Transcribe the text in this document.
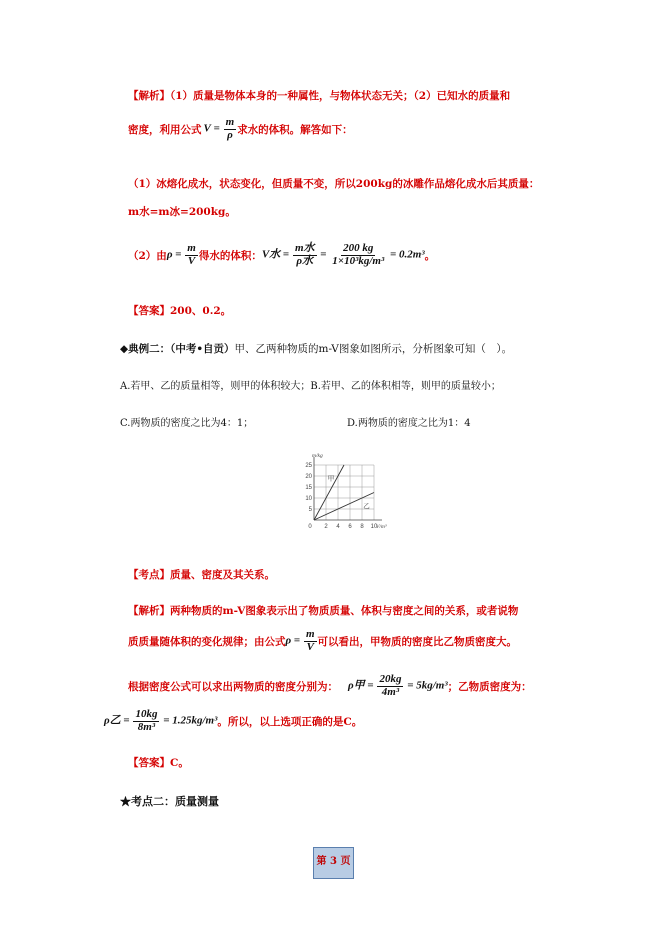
【解析】（1）质量是物体本身的一种属性，与物体状态无关；（2）已知水的质量和
密度，利用公式 $V = \frac{m}{\rho}$ 求水的体积。解答如下：
（1）冰熔化成水，状态变化，但质量不变，所以200kg的冰雕作品熔化成水后其质量：
m水=m冰=200kg。
（2）由 $\rho = \frac{m}{V}$ 得水的体积： V水 = $\frac{\text{m水}}{\text{ρ水}} = \frac{200 kg}{\text{1×10³kg/m³}} = 0.2m^3$ 。
【答案】200、0.2。
◆典例二：（中考•自贡）甲、乙两种物质的m-V图象如图所示，分析图象可知（　）。
A.若甲、乙的质量相等，则甲的体积较大；B.若甲、乙的体积相等，则甲的质量较小；
C.两物质的密度之比为4：1；	D.两物质的密度之比为1：4
0 2 4 6 8 10
5
10
15
20
25
m/kg
V/m³
甲
乙
【考点】质量、密度及其关系。
【解析】两种物质的m-V图象表示出了物质质量、体积与密度之间的关系，或者说物
质质量随体积的变化规律；由公式 $\rho = \frac{m}{V}$ 可以看出，甲物质的密度比乙物质密度大。
根据密度公式可以求出两物质的密度分别为： ρ甲 = $\frac{20kg}{\text{4m³}} = 5kg/m^3$ ；乙物质密度为：
ρ乙 = $\frac{10kg}{\text{8m³}} = 1.25kg/m^3$ 。所以，以上选项正确的是C。
【答案】C。
★考点二：质量测量
第 3 页
